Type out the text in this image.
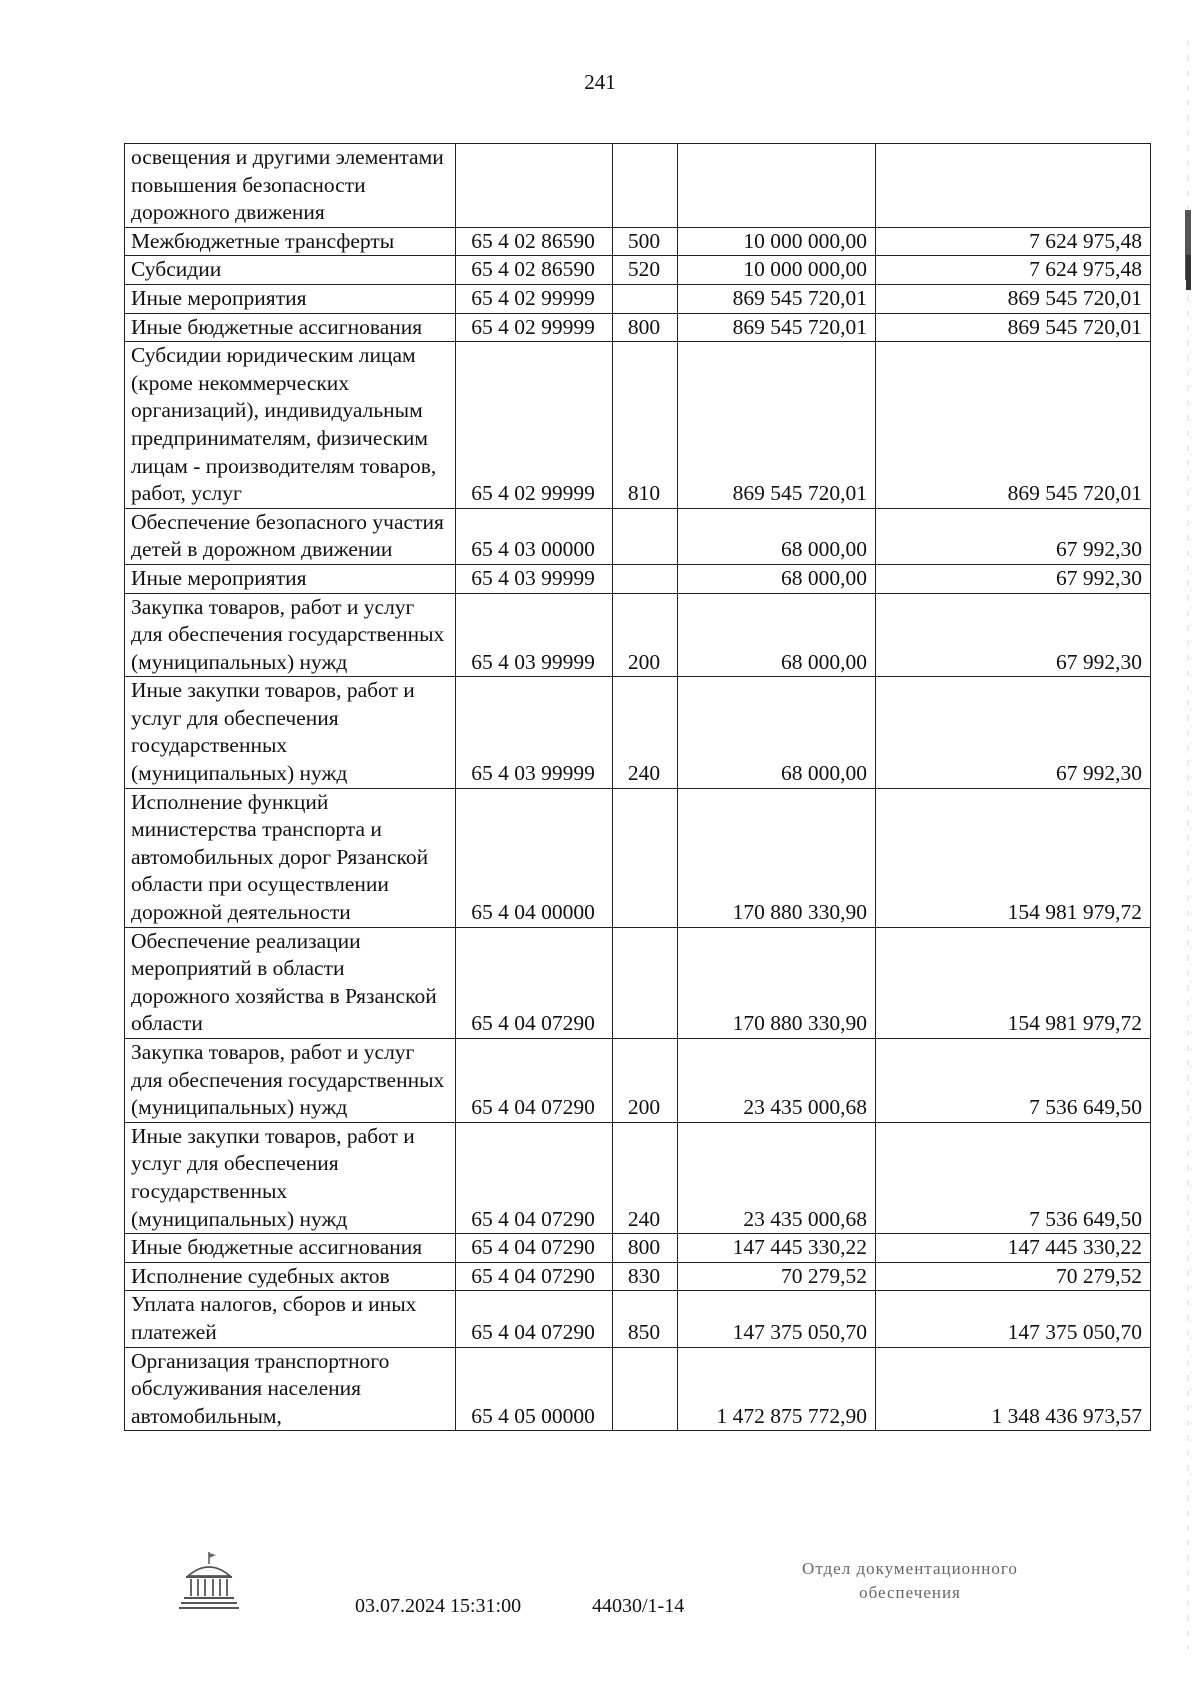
241
освещения и другими элементами повышения безопасности дорожного движения				
Межбюджетные трансферты	65 4 02 86590	500	10 000 000,00	7 624 975,48
Субсидии	65 4 02 86590	520	10 000 000,00	7 624 975,48
Иные мероприятия	65 4 02 99999		869 545 720,01	869 545 720,01
Иные бюджетные ассигнования	65 4 02 99999	800	869 545 720,01	869 545 720,01
Субсидии юридическим лицам (кроме некоммерческих организаций), индивидуальным предпринимателям, физическим лицам - производителям товаров, работ, услуг	65 4 02 99999	810	869 545 720,01	869 545 720,01
Обеспечение безопасного участия детей в дорожном движении	65 4 03 00000		68 000,00	67 992,30
Иные мероприятия	65 4 03 99999		68 000,00	67 992,30
Закупка товаров, работ и услуг для обеспечения государственных (муниципальных) нужд	65 4 03 99999	200	68 000,00	67 992,30
Иные закупки товаров, работ и услуг для обеспечения государственных (муниципальных) нужд	65 4 03 99999	240	68 000,00	67 992,30
Исполнение функций министерства транспорта и автомобильных дорог Рязанской области при осуществлении дорожной деятельности	65 4 04 00000		170 880 330,90	154 981 979,72
Обеспечение реализации мероприятий в области дорожного хозяйства в Рязанской области	65 4 04 07290		170 880 330,90	154 981 979,72
Закупка товаров, работ и услуг для обеспечения государственных (муниципальных) нужд	65 4 04 07290	200	23 435 000,68	7 536 649,50
Иные закупки товаров, работ и услуг для обеспечения государственных (муниципальных) нужд	65 4 04 07290	240	23 435 000,68	7 536 649,50
Иные бюджетные ассигнования	65 4 04 07290	800	147 445 330,22	147 445 330,22
Исполнение судебных актов	65 4 04 07290	830	70 279,52	70 279,52
Уплата налогов, сборов и иных платежей	65 4 04 07290	850	147 375 050,70	147 375 050,70
Организация транспортного обслуживания населения автомобильным,	65 4 05 00000		1 472 875 772,90	1 348 436 973,57
03.07.2024 15:31:00	44030/1-14
Отдел документационного
обеспечения
